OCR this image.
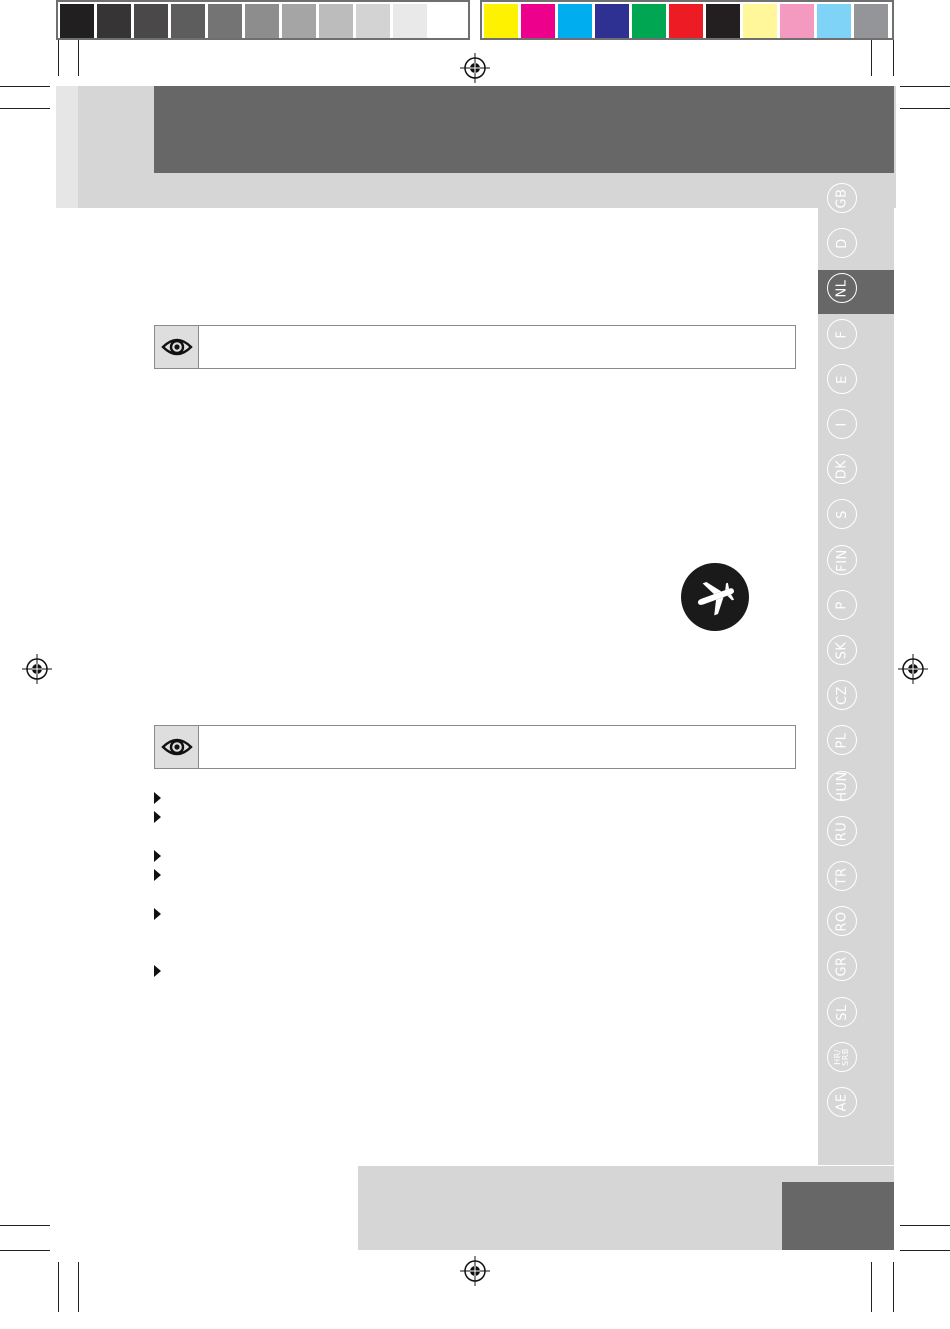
GB
D
NL
F
E
I
DK
S
FIN
P
SK
CZ
PL
HUN
RU
TR
RO
GR
SL
HR/
SRB
AE
